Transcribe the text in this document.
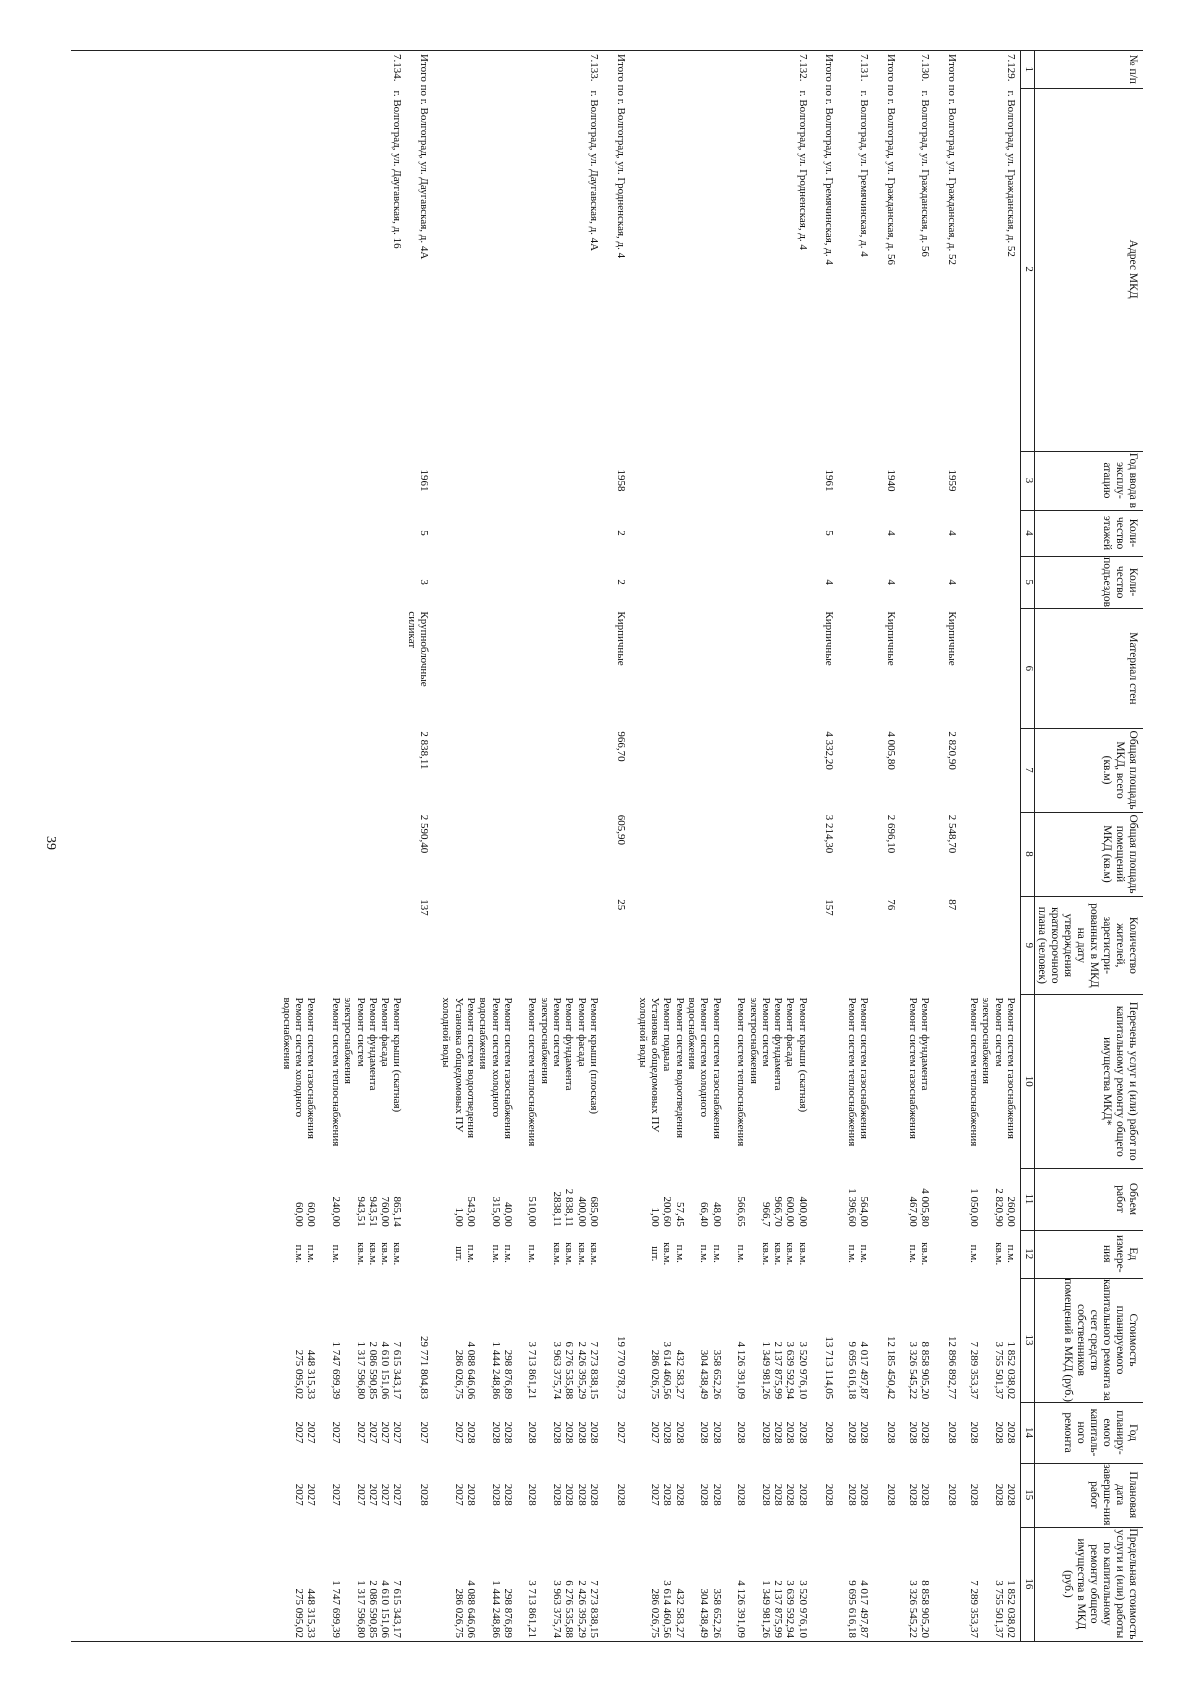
39
№ п/п
Адрес МКД
Год ввода в эксплу-атацию
Коли-чество этажей
Коли-чество подъездов
Материал стен
Общая площадь МКД, всего (кв.м)
Общая площадь помещений МКД (кв.м)
Количество жителей, зарегистри-рованных в МКД на дату утверждения краткосрочного плана (человек)
Перечень услуг и (или) работ по капитальному ремонту общего имущества МКД*
Объем работ
Ед измере-ния
Стоимость планируемого капитального ремонта за счет средств собственников помещений в МКД (руб.)
Год планиру-емого капиталь-ного ремонта
Плановая дата заверше-ния работ
Предельная стоимость услуги и (или) работы по капитальному ремонту общего имущества в МКД (руб.)
1
2
3
4
5
6
7
8
9
10
11
12
13
14
15
16
7.129.
г. Волгоград, ул. Гражданская, д. 52
Ремонт систем газоснабжения
260,00
п.м.
1 852 038,02
2028
2028
1 852 038,02
Ремонт систем
2 820,90
кв.м.
3 755 501,37
2028
2028
3 755 501,37
электроснабжения
Ремонт систем теплоснабжения
1 050,00
п.м.
7 289 353,37
2028
2028
7 289 353,37
Итого по г. Волгоград, ул. Гражданская, д. 52
1959
4
4
Кирпичные
2 820,90
2 548,70
87
12 896 892,77
2028
2028
7.130.
г. Волгоград, ул. Гражданская, д. 56
Ремонт фундамента
4 005,80
кв.м.
8 858 905,20
2028
2028
8 858 905,20
Ремонт систем газоснабжения
467,00
п.м.
3 326 545,22
2028
2028
3 326 545,22
Итого по г. Волгоград, ул. Гражданская, д. 56
1940
4
4
Кирпичные
4 005,80
2 696,10
76
12 185 450,42
2028
2028
7.131.
г. Волгоград, ул. Гремячинская, д. 4
Ремонт систем газоснабжения
564,00
п.м.
4 017 497,87
2028
2028
4 017 497,87
Ремонт систем теплоснабжения
1 396,60
п.м.
9 695 616,18
2028
2028
9 695 616,18
Итого по г. Волгоград, ул. Гремячинская, д. 4
1961
5
4
Кирпичные
4 332,20
3 214,30
157
13 713 114,05
2028
2028
7.132.
г. Волгоград, ул. Гродненская, д. 4
Ремонт крыши (скатная)
400,00
кв.м.
3 520 976,10
2028
2028
3 520 976,10
Ремонт фасада
600,00
кв.м.
3 639 592,94
2028
2028
3 639 592,94
Ремонт фундамента
966,70
кв.м.
2 137 875,99
2028
2028
2 137 875,99
Ремонт систем
966,7
кв.м.
1 349 981,26
2028
2028
1 349 981,26
электроснабжения
Ремонт систем теплоснабжения
566,65
п.м.
4 126 391,09
2028
2028
4 126 391,09
Ремонт систем газоснабжения
48,00
п.м.
358 652,26
2028
2028
358 652,26
Ремонт систем холодного
66,40
п.м.
304 438,49
2028
2028
304 438,49
водоснабжения
Ремонт систем водоотведения
57,45
п.м.
432 583,27
2028
2028
432 583,27
Ремонт подвала
200,60
кв.м.
3 614 460,56
2028
2028
3 614 460,56
Установка общедомовых ПУ
1,00
шт.
286 026,75
2027
2027
286 026,75
холодной воды
Итого по г. Волгоград, ул. Гродненская, д. 4
1958
2
2
Кирпичные
966,70
605,90
25
19 770 978,73
2027
2028
7.133.
г. Волгоград, ул. Даугавская, д. 4А
Ремонт крыши (плоская)
685,00
кв.м.
7 273 838,15
2028
2028
7 273 838,15
Ремонт фасада
400,00
кв.м.
2 426 395,29
2028
2028
2 426 395,29
Ремонт фундамента
2 838,11
кв.м.
6 276 535,88
2028
2028
6 276 535,88
Ремонт систем
2838,11
кв.м.
3 963 375,74
2028
2028
3 963 375,74
электроснабжения
Ремонт систем теплоснабжения
510,00
п.м.
3 713 861,21
2028
2028
3 713 861,21
Ремонт систем газоснабжения
40,00
п.м.
298 876,89
2028
2028
298 876,89
Ремонт систем холодного
315,00
п.м.
1 444 248,86
2028
2028
1 444 248,86
водоснабжения
Ремонт систем водоотведения
543,00
п.м.
4 088 646,06
2028
2028
4 088 646,06
Установка общедомовых ПУ
1,00
шт.
286 026,75
2027
2027
286 026,75
холодной воды
Итого по г. Волгоград, ул. Даугавская, д. 4А
1961
5
3
Крупноблочные силикат
2 838,11
2 590,40
137
29 771 804,83
2027
2028
7.134.
г. Волгоград, ул. Даугавская, д. 16
Ремонт крыши (скатная)
865,14
кв.м.
7 615 343,17
2027
2027
7 615 343,17
Ремонт фасада
760,00
кв.м.
4 610 151,06
2027
2027
4 610 151,06
Ремонт фундамента
943,51
кв.м.
2 086 590,85
2027
2027
2 086 590,85
Ремонт систем
943,51
кв.м.
1 317 596,80
2027
2027
1 317 596,80
электроснабжения
Ремонт систем теплоснабжения
240,00
п.м.
1 747 699,39
2027
2027
1 747 699,39
Ремонт систем газоснабжения
60,00
п.м.
448 315,33
2027
2027
448 315,33
Ремонт систем холодного
60,00
п.м.
275 095,02
2027
2027
275 095,02
водоснабжения
